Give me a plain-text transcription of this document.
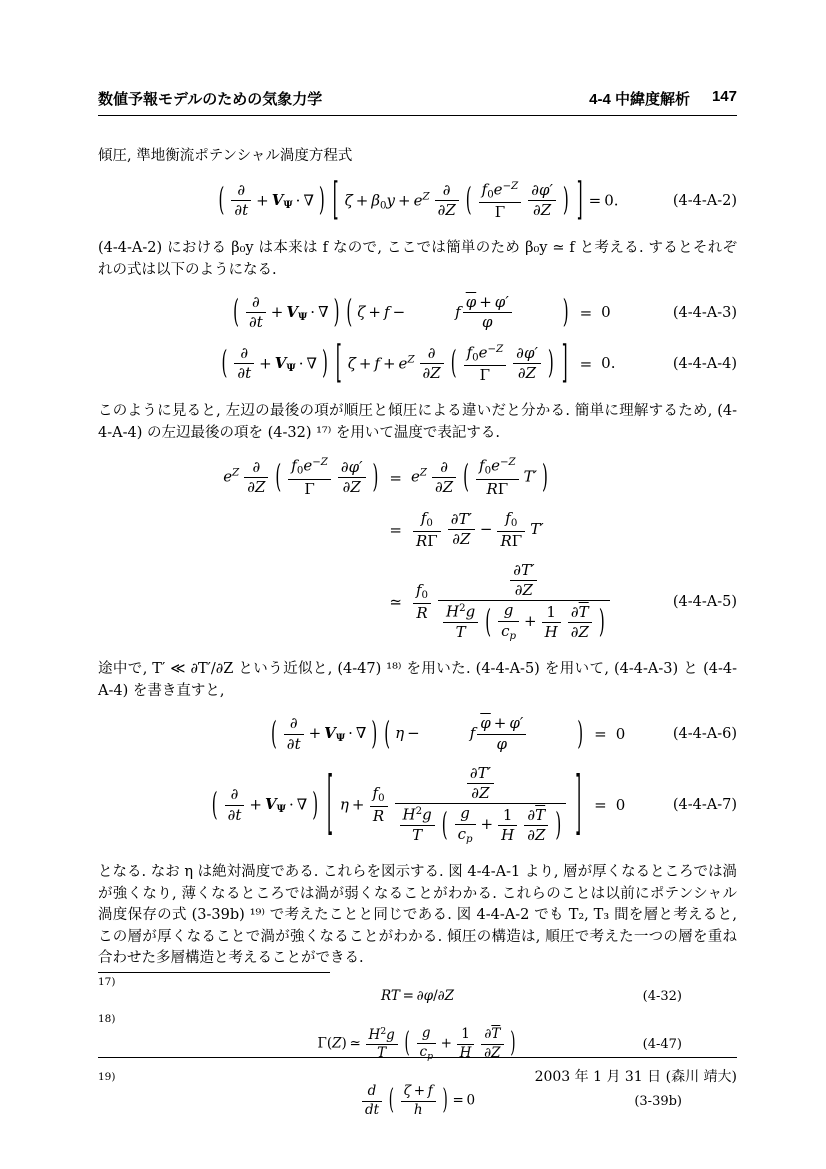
数値予報モデルのための気象力学	4-4 中緯度解析 147

傾圧, 準地衡流ポテンシャル渦度方程式

(  ∂
∂t
 +  $V_\Psi$  ·  ∇  )  [  $\zeta + \beta_0y + e^Z$  ∂
∂Z
  (  $\frac{f_0e^{-Z}}{\Gamma}$
  $\frac{\partial\varphi'}{\partial Z}$
  )  ]  =  0.	(4-4-A-2)

(4-4-A-2) における β₀y は本来は f なので, ここでは簡単のため β₀y ≃ f と考える. するとそれぞれの式は以下のようになる.

(  ∂
∂t
 +  $V_\Psi$  ·  ∇  )  (  ζ  +  f  −  	f $\frac{\overline{\varphi} + \varphi'}{\varphi}$
 	) = 0	(4-4-A-3)
(  ∂
∂t
 +  $V_\Psi$  ·  ∇  )  [  $\zeta + f + e^Z$  ∂
∂Z
  (  $\frac{f_0e^{-Z}}{\Gamma}$
  $\frac{\partial\varphi'}{\partial Z}$
  )  ] = 0.	(4-4-A-4)

このように見ると, 左辺の最後の項が順圧と傾圧による違いだと分かる. 簡単に理解するため, (4-4-A-4) の左辺最後の項を (4-32) ¹⁷⁾ を用いて温度で表記する.

$e^Z$  ∂
∂Z
  (  $\frac{f_0e^{-Z}}{\Gamma}$
  $\frac{\partial\varphi'}{\partial Z}$
  ) = $e^Z$  ∂
∂Z
  (  $\frac{f_0e^{-Z}}{R\Gamma}$
  T′  )
= $\frac{f_0}{R\Gamma}$
  $\frac{\partial T'}{\partial Z}$
  −  $\frac{f_0}{R\Gamma}$
  T′
≃ $\frac{f_0}{R}$

$\frac{\partial T'}{\partial Z}$
$\frac{H^2g}{T}$
  (  $\frac{g}{c_p}$
  +  $\frac{1}{H}$
  $\frac{\partial\overline{T}}{\partial Z}$
  )
(4-4-A-5)

途中で, T′ ≪ ∂T′/∂Z という近似と, (4-47) ¹⁸⁾ を用いた. (4-4-A-5) を用いて, (4-4-A-3) と (4-4-A-4) を書き直すと,

(  ∂
∂t
 +  $V_\Psi$  ·  ∇  )  (  η  −  	f $\frac{\overline{\varphi} + \varphi'}{\varphi}$
 	) = 0	(4-4-A-6)
(  ∂
∂t
 +  $V_\Psi$  ·  ∇  )  [  $\eta + \frac{f_0}{R}$

$\frac{\partial T'}{\partial Z}$
$\frac{H^2g}{T}$
  (  $\frac{g}{c_p}$
  +  $\frac{1}{H}$
  $\frac{\partial\overline{T}}{\partial Z}$
  )
  ] = 0	(4-4-A-7)

となる. なお η は絶対渦度である. これらを図示する. 図 4-4-A-1 より, 層が厚くなるところでは渦が強くなり, 薄くなるところでは渦が弱くなることがわかる. これらのことは以前にポテンシャル渦度保存の式 (3-39b) ¹⁹⁾ で考えたことと同じである. 図 4-4-A-2 でも T₂, T₃ 間を層と考えると, この層が厚くなることで渦が強くなることがわかる. 傾圧の構造は, 順圧で考えた一つの層を重ね合わせた多層構造と考えることができる.

17)
RT  =  ∂φ/∂Z	(4-32)
18)
Γ(Z)  ≃  $\frac{H^2g}{T}$
  (  $\frac{g}{c_p}$
  +  $\frac{1}{H}$
  $\frac{\partial\overline{T}}{\partial Z}$
  )	(4-47)
19)
$\frac{d}{dt}$
  (  $\frac{\zeta + f}{h}$
  )  =  0	(3-39b)
2003 年 1 月 31 日 (森川 靖大)
